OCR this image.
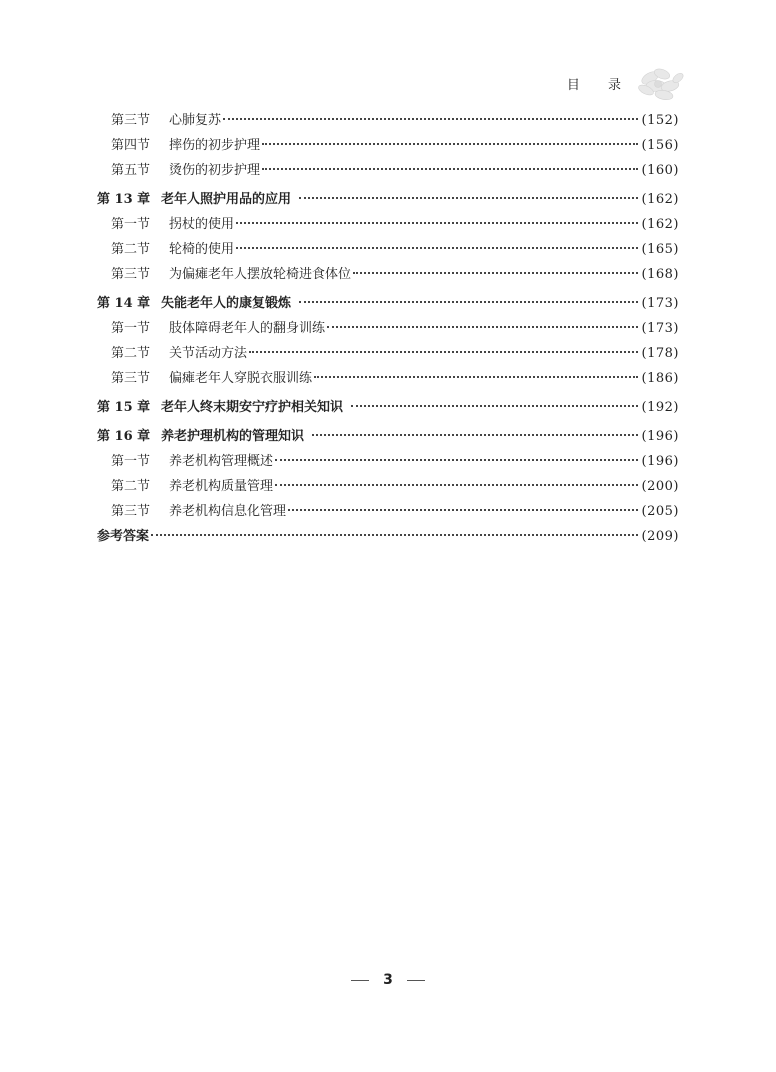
目 录
第三节	心肺复苏	(152)
第四节	摔伤的初步护理	(156)
第五节	烫伤的初步护理	(160)
第 13 章 老年人照护用品的应用	(162)
第一节	拐杖的使用	(162)
第二节	轮椅的使用	(165)
第三节	为偏瘫老年人摆放轮椅进食体位	(168)
第 14 章 失能老年人的康复锻炼	(173)
第一节	肢体障碍老年人的翻身训练	(173)
第二节	关节活动方法	(178)
第三节	偏瘫老年人穿脱衣服训练	(186)
第 15 章 老年人终末期安宁疗护相关知识	(192)
第 16 章 养老护理机构的管理知识	(196)
第一节	养老机构管理概述	(196)
第二节	养老机构质量管理	(200)
第三节	养老机构信息化管理	(205)
参考答案	(209)
3
